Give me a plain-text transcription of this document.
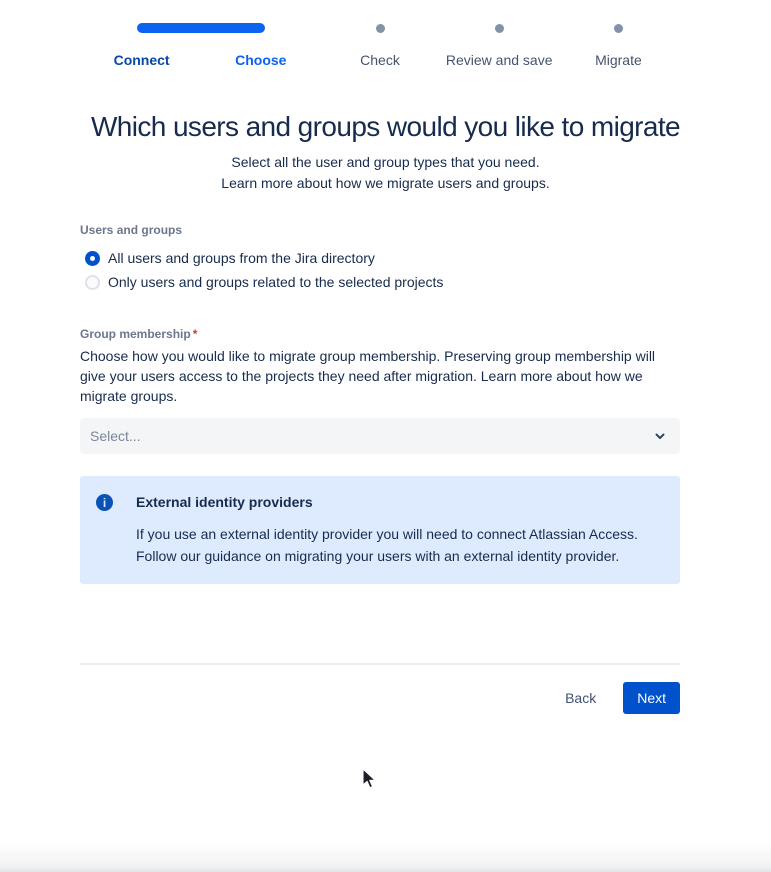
Connect	Choose	Check	Review and save	Migrate
Which users and groups would you like to migrate
Select all the user and group types that you need.
Learn more about how we migrate users and groups.
Users and groups
All users and groups from the Jira directory
Only users and groups related to the selected projects
Group membership *

Choose how you would like to migrate group membership. Preserving group membership will give your users access to the projects they need after migration. Learn more about how we migrate groups.

Select...
i
External identity providers
If you use an external identity provider you will need to connect Atlassian Access.
Follow our guidance on migrating your users with an external identity provider.
Back	Next
